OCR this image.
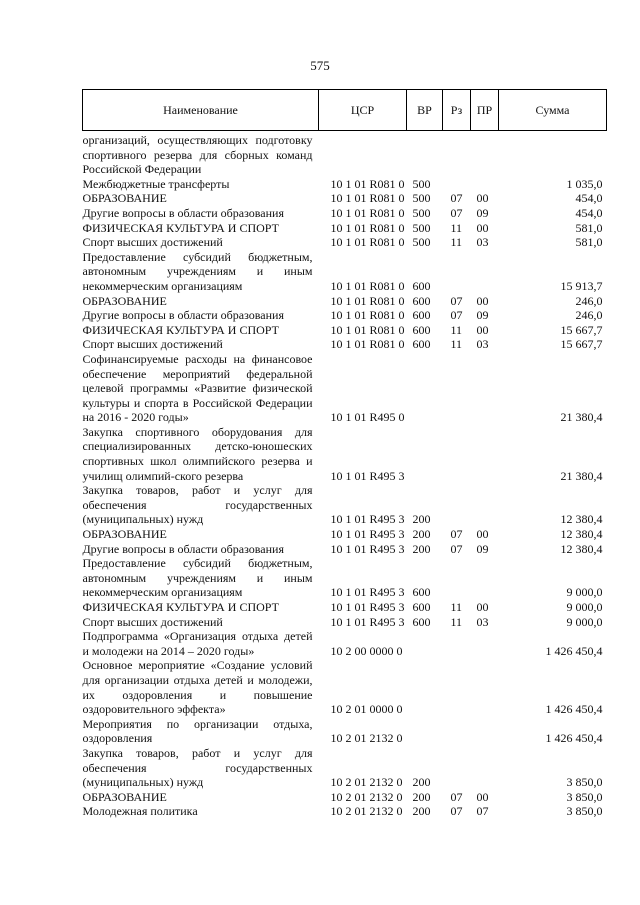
575
Наименование	ЦСР	ВР	Рз	ПР	Сумма
организаций, осуществляющих подготовку спортивного резерва для сборных команд Российской Федерации					
Межбюджетные трансферты	10 1 01 R081 0	500			1 035,0
ОБРАЗОВАНИЕ	10 1 01 R081 0	500	07	00	454,0
Другие вопросы в области образования	10 1 01 R081 0	500	07	09	454,0
ФИЗИЧЕСКАЯ КУЛЬТУРА И СПОРТ	10 1 01 R081 0	500	11	00	581,0
Спорт высших достижений	10 1 01 R081 0	500	11	03	581,0
Предоставление субсидий бюджетным, автономным учреждениям и иным некоммерческим организациям	10 1 01 R081 0	600			15 913,7
ОБРАЗОВАНИЕ	10 1 01 R081 0	600	07	00	246,0
Другие вопросы в области образования	10 1 01 R081 0	600	07	09	246,0
ФИЗИЧЕСКАЯ КУЛЬТУРА И СПОРТ	10 1 01 R081 0	600	11	00	15 667,7
Спорт высших достижений	10 1 01 R081 0	600	11	03	15 667,7
Софинансируемые расходы на финансовое обеспечение мероприятий федеральной целевой программы «Развитие физической культуры и спорта в Российской Федерации на 2016 - 2020 годы»	10 1 01 R495 0				21 380,4
Закупка спортивного оборудования для специализированных детско-юношеских спортивных школ олимпийского резерва и училищ олимпий-ского резерва	10 1 01 R495 3				21 380,4
Закупка товаров, работ и услуг для обеспечения государственных (муниципальных) нужд	10 1 01 R495 3	200			12 380,4
ОБРАЗОВАНИЕ	10 1 01 R495 3	200	07	00	12 380,4
Другие вопросы в области образования	10 1 01 R495 3	200	07	09	12 380,4
Предоставление субсидий бюджетным, автономным учреждениям и иным некоммерческим организациям	10 1 01 R495 3	600			9 000,0
ФИЗИЧЕСКАЯ КУЛЬТУРА И СПОРТ	10 1 01 R495 3	600	11	00	9 000,0
Спорт высших достижений	10 1 01 R495 3	600	11	03	9 000,0
Подпрограмма «Организация отдыха детей и молодежи на 2014 – 2020 годы»	10 2 00 0000 0				1 426 450,4
Основное мероприятие «Создание условий для организации отдыха детей и молодежи, их оздоровления и повышение оздоровительного эффекта»	10 2 01 0000 0				1 426 450,4
Мероприятия по организации отдыха, оздоровления	10 2 01 2132 0				1 426 450,4
Закупка товаров, работ и услуг для обеспечения государственных (муниципальных) нужд	10 2 01 2132 0	200			3 850,0
ОБРАЗОВАНИЕ	10 2 01 2132 0	200	07	00	3 850,0
Молодежная политика	10 2 01 2132 0	200	07	07	3 850,0
